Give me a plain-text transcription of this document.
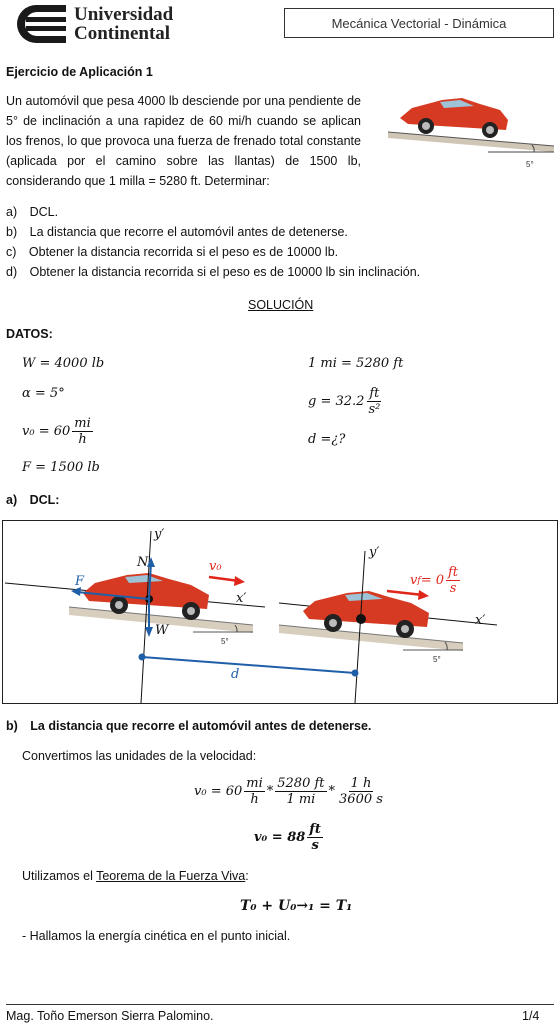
Universidad
Continental	Mecánica Vectorial - Dinámica
Ejercicio de Aplicación 1
Un automóvil que pesa 4000 lb desciende por una pendiente de 5° de inclinación a una rapidez de 60 mi/h cuando se aplican los frenos, lo que provoca una fuerza de frenado total constante (aplicada por el camino sobre las llantas) de 1500 lb, considerando que 1 milla = 5280 ft. Determinar:
5°
a) DCL.
b) La distancia que recorre el automóvil antes de detenerse.
c) Obtener la distancia recorrida si el peso es de 10000 lb.
d) Obtener la distancia recorrida si el peso es de 10000 lb sin inclinación.
SOLUCIÓN
DATOS:
W = 4000 lb
α = 5°
$v_0 = 60 \frac{mi}{h}$
F = 1500 lb
1 mi = 5280 ft
$g = 32.2 \frac{ft}{\text{s²}}$
d =¿?
a) DCL:
y′
N
F
W
v₀
x′
y′
x′
v $f = 0 \frac{ft}{s}$
d
5°
5°
b) La distancia que recorre el automóvil antes de detenerse.
Convertimos las unidades de la velocidad:
$v_0 = 60 \frac{mi}{h} * \frac{5280 ft}{1 mi} * \frac{1 h}{3600 s}$
$v_0 = 88 \frac{ft}{s}$
Utilizamos el Teorema de la Fuerza Viva:
T₀ + U₀→₁ = T₁
- Hallamos la energía cinética en el punto inicial.
Mag. Toño Emerson Sierra Palomino.	1/4
